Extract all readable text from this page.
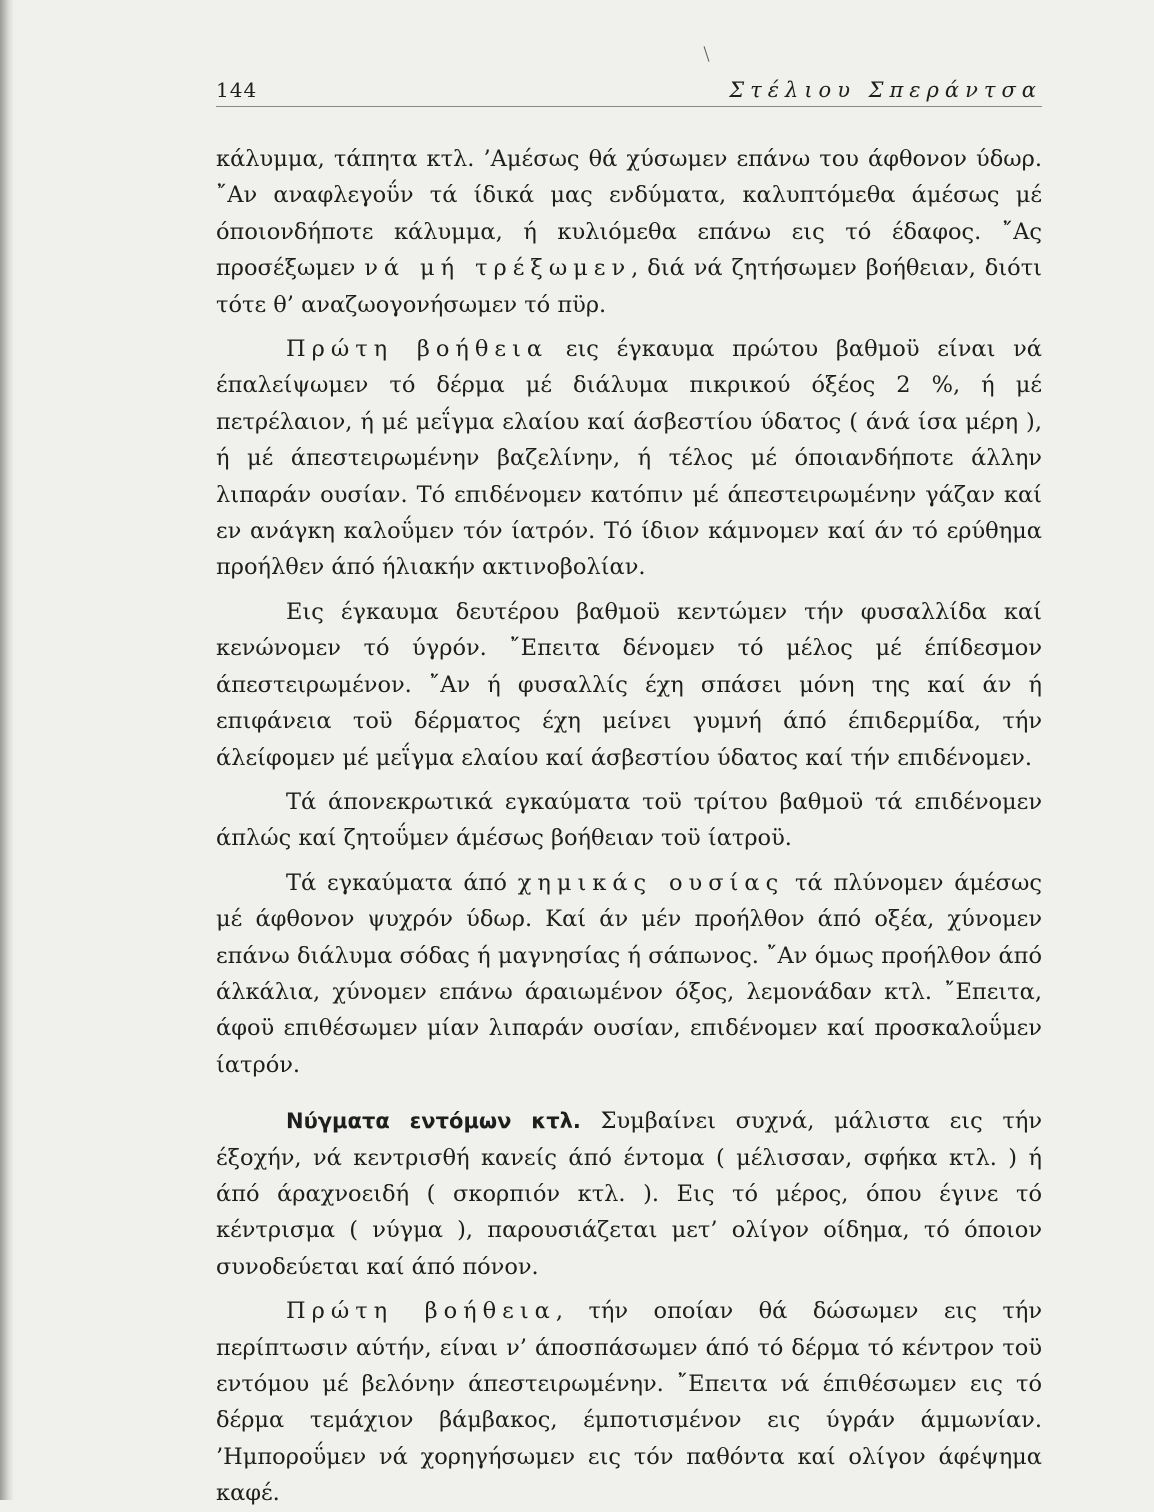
144	Στέλιου Σπεράντσα

κάλυμμα, τάπητα κτλ. ’Αμέσως θά χύσωμεν επάνω του άφθονον ύδωρ. ῎Αν αναφλεγοΰν τά ίδικά μας ενδύματα, καλυπτόμεθα άμέσως μέ όποιονδήποτε κάλυμμα, ή κυλιόμεθα επάνω εις τό έδαφος. ῎Ας προσέξωμεν νά μή τρέξωμεν, διά νά ζητήσωμεν βοήθειαν, διότι τότε θ’ αναζωογονήσωμεν τό πϋρ.

Πρώτη βοήθεια εις έγκαυμα πρώτου βαθμοϋ είναι νά έπαλείψωμεν τό δέρμα μέ διάλυμα πικρικού όξέος 2 %, ή μέ πετρέλαιον, ή μέ μεΐγμα ελαίου καί άσβεστίου ύδατος ( άνά ίσα μέρη ), ή μέ άπεστειρωμένην βαζελίνην, ή τέλος μέ όποιανδήποτε άλλην λιπαράν ουσίαν. Τό επιδένομεν κατόπιν μέ άπεστειρωμένην γάζαν καί εν ανάγκη καλοΰμεν τόν ίατρόν. Τό ίδιον κάμνομεν καί άν τό ερύθημα προήλθεν άπό ήλιακήν ακτινοβολίαν.

Εις έγκαυμα δευτέρου βαθμοϋ κεντώμεν τήν φυσαλλίδα καί κενώνομεν τό ύγρόν. ῎Επειτα δένομεν τό μέλος μέ έπίδεσμον άπεστειρωμένον. ῎Αν ή φυσαλλίς έχη σπάσει μόνη της καί άν ή επιφάνεια τοϋ δέρματος έχη μείνει γυμνή άπό έπιδερμίδα, τήν άλείφομεν μέ μεΐγμα ελαίου καί άσβεστίου ύδατος καί τήν επιδένομεν.

Τά άπονεκρωτικά εγκαύματα τοϋ τρίτου βαθμοϋ τά επιδένομεν άπλώς καί ζητοΰμεν άμέσως βοήθειαν τοϋ ίατροϋ.

Τά εγκαύματα άπό χημικάς ουσίας τά πλύνομεν άμέσως μέ άφθονον ψυχρόν ύδωρ. Καί άν μέν προήλθον άπό οξέα, χύνομεν επάνω διάλυμα σόδας ή μαγνησίας ή σάπωνος. ῎Αν όμως προήλθον άπό άλκάλια, χύνομεν επάνω άραιωμένον όξος, λεμονάδαν κτλ. ῎Επειτα, άφοϋ επιθέσωμεν μίαν λιπαράν ουσίαν, επιδένομεν καί προσκαλοΰμεν ίατρόν.

Νύγματα εντόμων κτλ. Συμβαίνει συχνά, μάλιστα εις τήν έξοχήν, νά κεντρισθή κανείς άπό έντομα ( μέλισσαν, σφήκα κτλ. ) ή άπό άραχνοειδή ( σκορπιόν κτλ. ). Εις τό μέρος, όπου έγινε τό κέντρισμα ( νύγμα ), παρουσιάζεται μετ’ ολίγον οίδημα, τό όποιον συνοδεύεται καί άπό πόνον.

Πρώτη βοήθεια, τήν οποίαν θά δώσωμεν εις τήν περίπτωσιν αύτήν, είναι ν’ άποσπάσωμεν άπό τό δέρμα τό κέντρον τοϋ εντόμου μέ βελόνην άπεστειρωμένην. ῎Επειτα νά έπιθέσωμεν εις τό δέρμα τεμάχιον βάμβακος, έμποτισμένον εις ύγράν άμμωνίαν. ’Ημποροΰμεν νά χορηγήσωμεν εις τόν παθόντα καί ολίγον άφέψημα καφέ.
